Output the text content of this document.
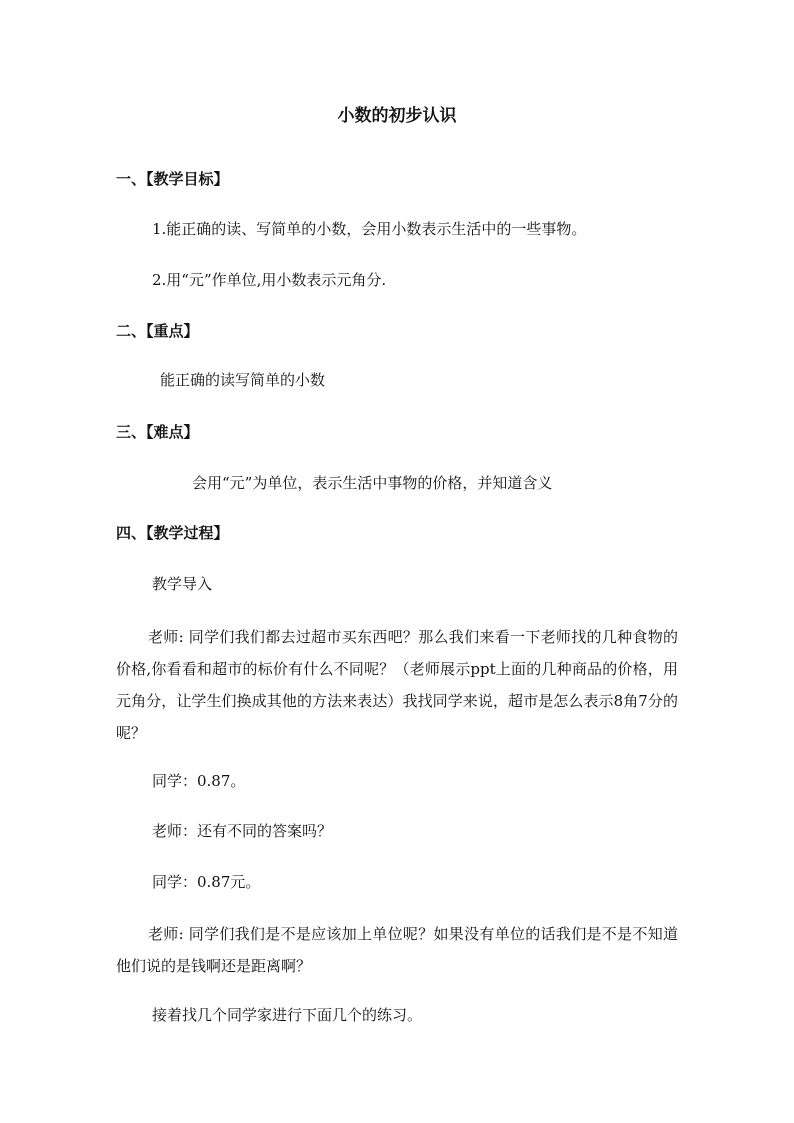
小数的初步认识
一、【教学目标】
1.能正确的读、写简单的小数，会用小数表示生活中的一些事物。
2.用“元”作单位,用小数表示元角分.
二、【重点】
能正确的读写简单的小数
三、【难点】
会用“元”为单位，表示生活中事物的价格，并知道含义
四、【教学过程】
教学导入
老师: 同学们我们都去过超市买东西吧？那么我们来看一下老师找的几种食物的价格,你看看和超市的标价有什么不同呢？（老师展示ppt上面的几种商品的价格，用元角分，让学生们换成其他的方法来表达）我找同学来说，超市是怎么表示8角7分的呢？
同学：0.87。
老师：还有不同的答案吗？
同学：0.87元。
老师: 同学们我们是不是应该加上单位呢？如果没有单位的话我们是不是不知道他们说的是钱啊还是距离啊？
接着找几个同学家进行下面几个的练习。
